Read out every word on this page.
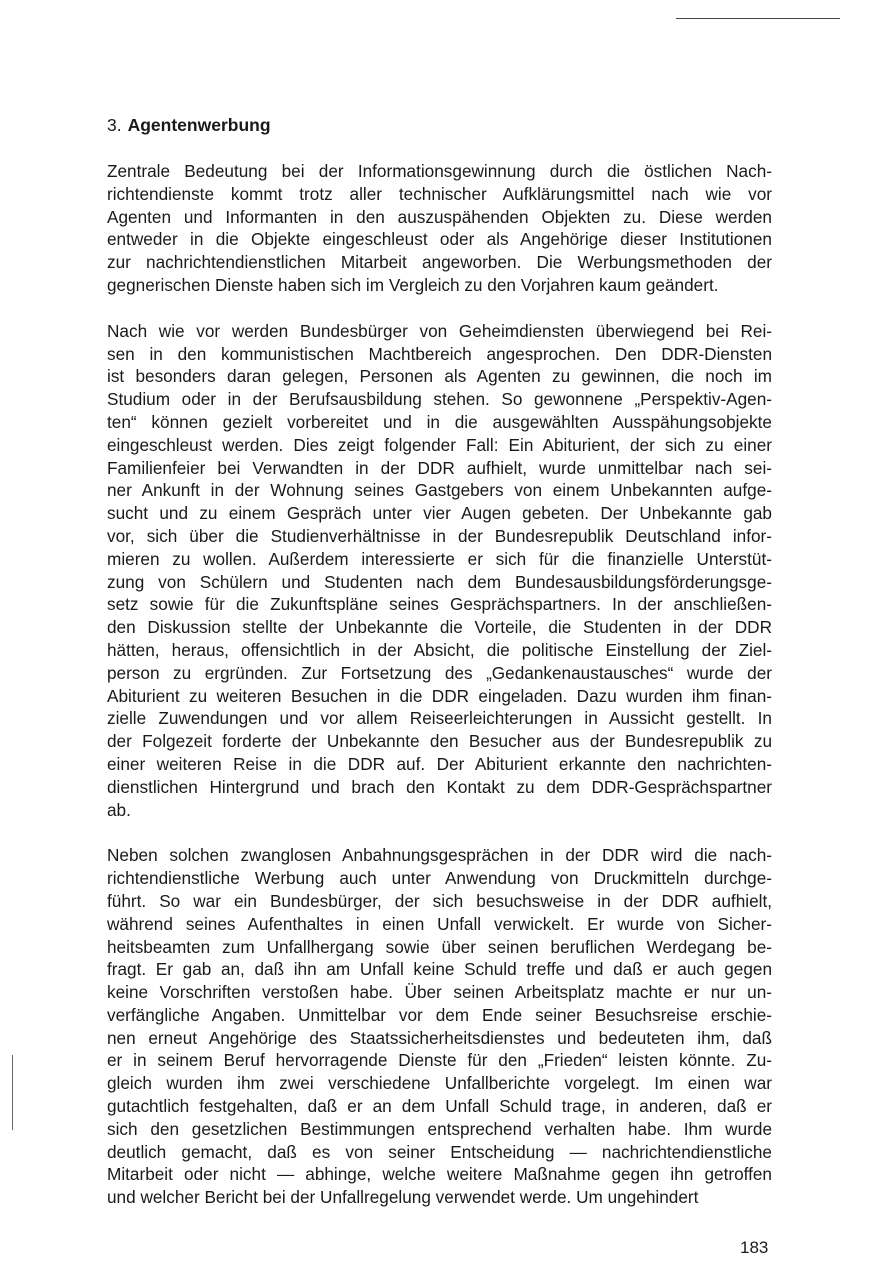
3. Agentenwerbung
Zentrale Bedeutung bei der Informationsgewinnung durch die östlichen Nach-
richtendienste kommt trotz aller technischer Aufklärungsmittel nach wie vor
Agenten und Informanten in den auszuspähenden Objekten zu. Diese werden
entweder in die Objekte eingeschleust oder als Angehörige dieser Institutionen
zur nachrichtendienstlichen Mitarbeit angeworben. Die Werbungsmethoden der
gegnerischen Dienste haben sich im Vergleich zu den Vorjahren kaum geändert.
Nach wie vor werden Bundesbürger von Geheimdiensten überwiegend bei Rei-
sen in den kommunistischen Machtbereich angesprochen. Den DDR-Diensten
ist besonders daran gelegen, Personen als Agenten zu gewinnen, die noch im
Studium oder in der Berufsausbildung stehen. So gewonnene „Perspektiv-Agen-
ten“ können gezielt vorbereitet und in die ausgewählten Ausspähungsobjekte
eingeschleust werden. Dies zeigt folgender Fall: Ein Abiturient, der sich zu einer
Familienfeier bei Verwandten in der DDR aufhielt, wurde unmittelbar nach sei-
ner Ankunft in der Wohnung seines Gastgebers von einem Unbekannten aufge-
sucht und zu einem Gespräch unter vier Augen gebeten. Der Unbekannte gab
vor, sich über die Studienverhältnisse in der Bundesrepublik Deutschland infor-
mieren zu wollen. Außerdem interessierte er sich für die finanzielle Unterstüt-
zung von Schülern und Studenten nach dem Bundesausbildungsförderungsge-
setz sowie für die Zukunftspläne seines Gesprächspartners. In der anschließen-
den Diskussion stellte der Unbekannte die Vorteile, die Studenten in der DDR
hätten, heraus, offensichtlich in der Absicht, die politische Einstellung der Ziel-
person zu ergründen. Zur Fortsetzung des „Gedankenaustausches“ wurde der
Abiturient zu weiteren Besuchen in die DDR eingeladen. Dazu wurden ihm finan-
zielle Zuwendungen und vor allem Reiseerleichterungen in Aussicht gestellt. In
der Folgezeit forderte der Unbekannte den Besucher aus der Bundesrepublik zu
einer weiteren Reise in die DDR auf. Der Abiturient erkannte den nachrichten-
dienstlichen Hintergrund und brach den Kontakt zu dem DDR-Gesprächspartner
ab.
Neben solchen zwanglosen Anbahnungsgesprächen in der DDR wird die nach-
richtendienstliche Werbung auch unter Anwendung von Druckmitteln durchge-
führt. So war ein Bundesbürger, der sich besuchsweise in der DDR aufhielt,
während seines Aufenthaltes in einen Unfall verwickelt. Er wurde von Sicher-
heitsbeamten zum Unfallhergang sowie über seinen beruflichen Werdegang be-
fragt. Er gab an, daß ihn am Unfall keine Schuld treffe und daß er auch gegen
keine Vorschriften verstoßen habe. Über seinen Arbeitsplatz machte er nur un-
verfängliche Angaben. Unmittelbar vor dem Ende seiner Besuchsreise erschie-
nen erneut Angehörige des Staatssicherheitsdienstes und bedeuteten ihm, daß
er in seinem Beruf hervorragende Dienste für den „Frieden“ leisten könnte. Zu-
gleich wurden ihm zwei verschiedene Unfallberichte vorgelegt. Im einen war
gutachtlich festgehalten, daß er an dem Unfall Schuld trage, in anderen, daß er
sich den gesetzlichen Bestimmungen entsprechend verhalten habe. Ihm wurde
deutlich gemacht, daß es von seiner Entscheidung — nachrichtendienstliche
Mitarbeit oder nicht — abhinge, welche weitere Maßnahme gegen ihn getroffen
und welcher Bericht bei der Unfallregelung verwendet werde. Um ungehindert
183
